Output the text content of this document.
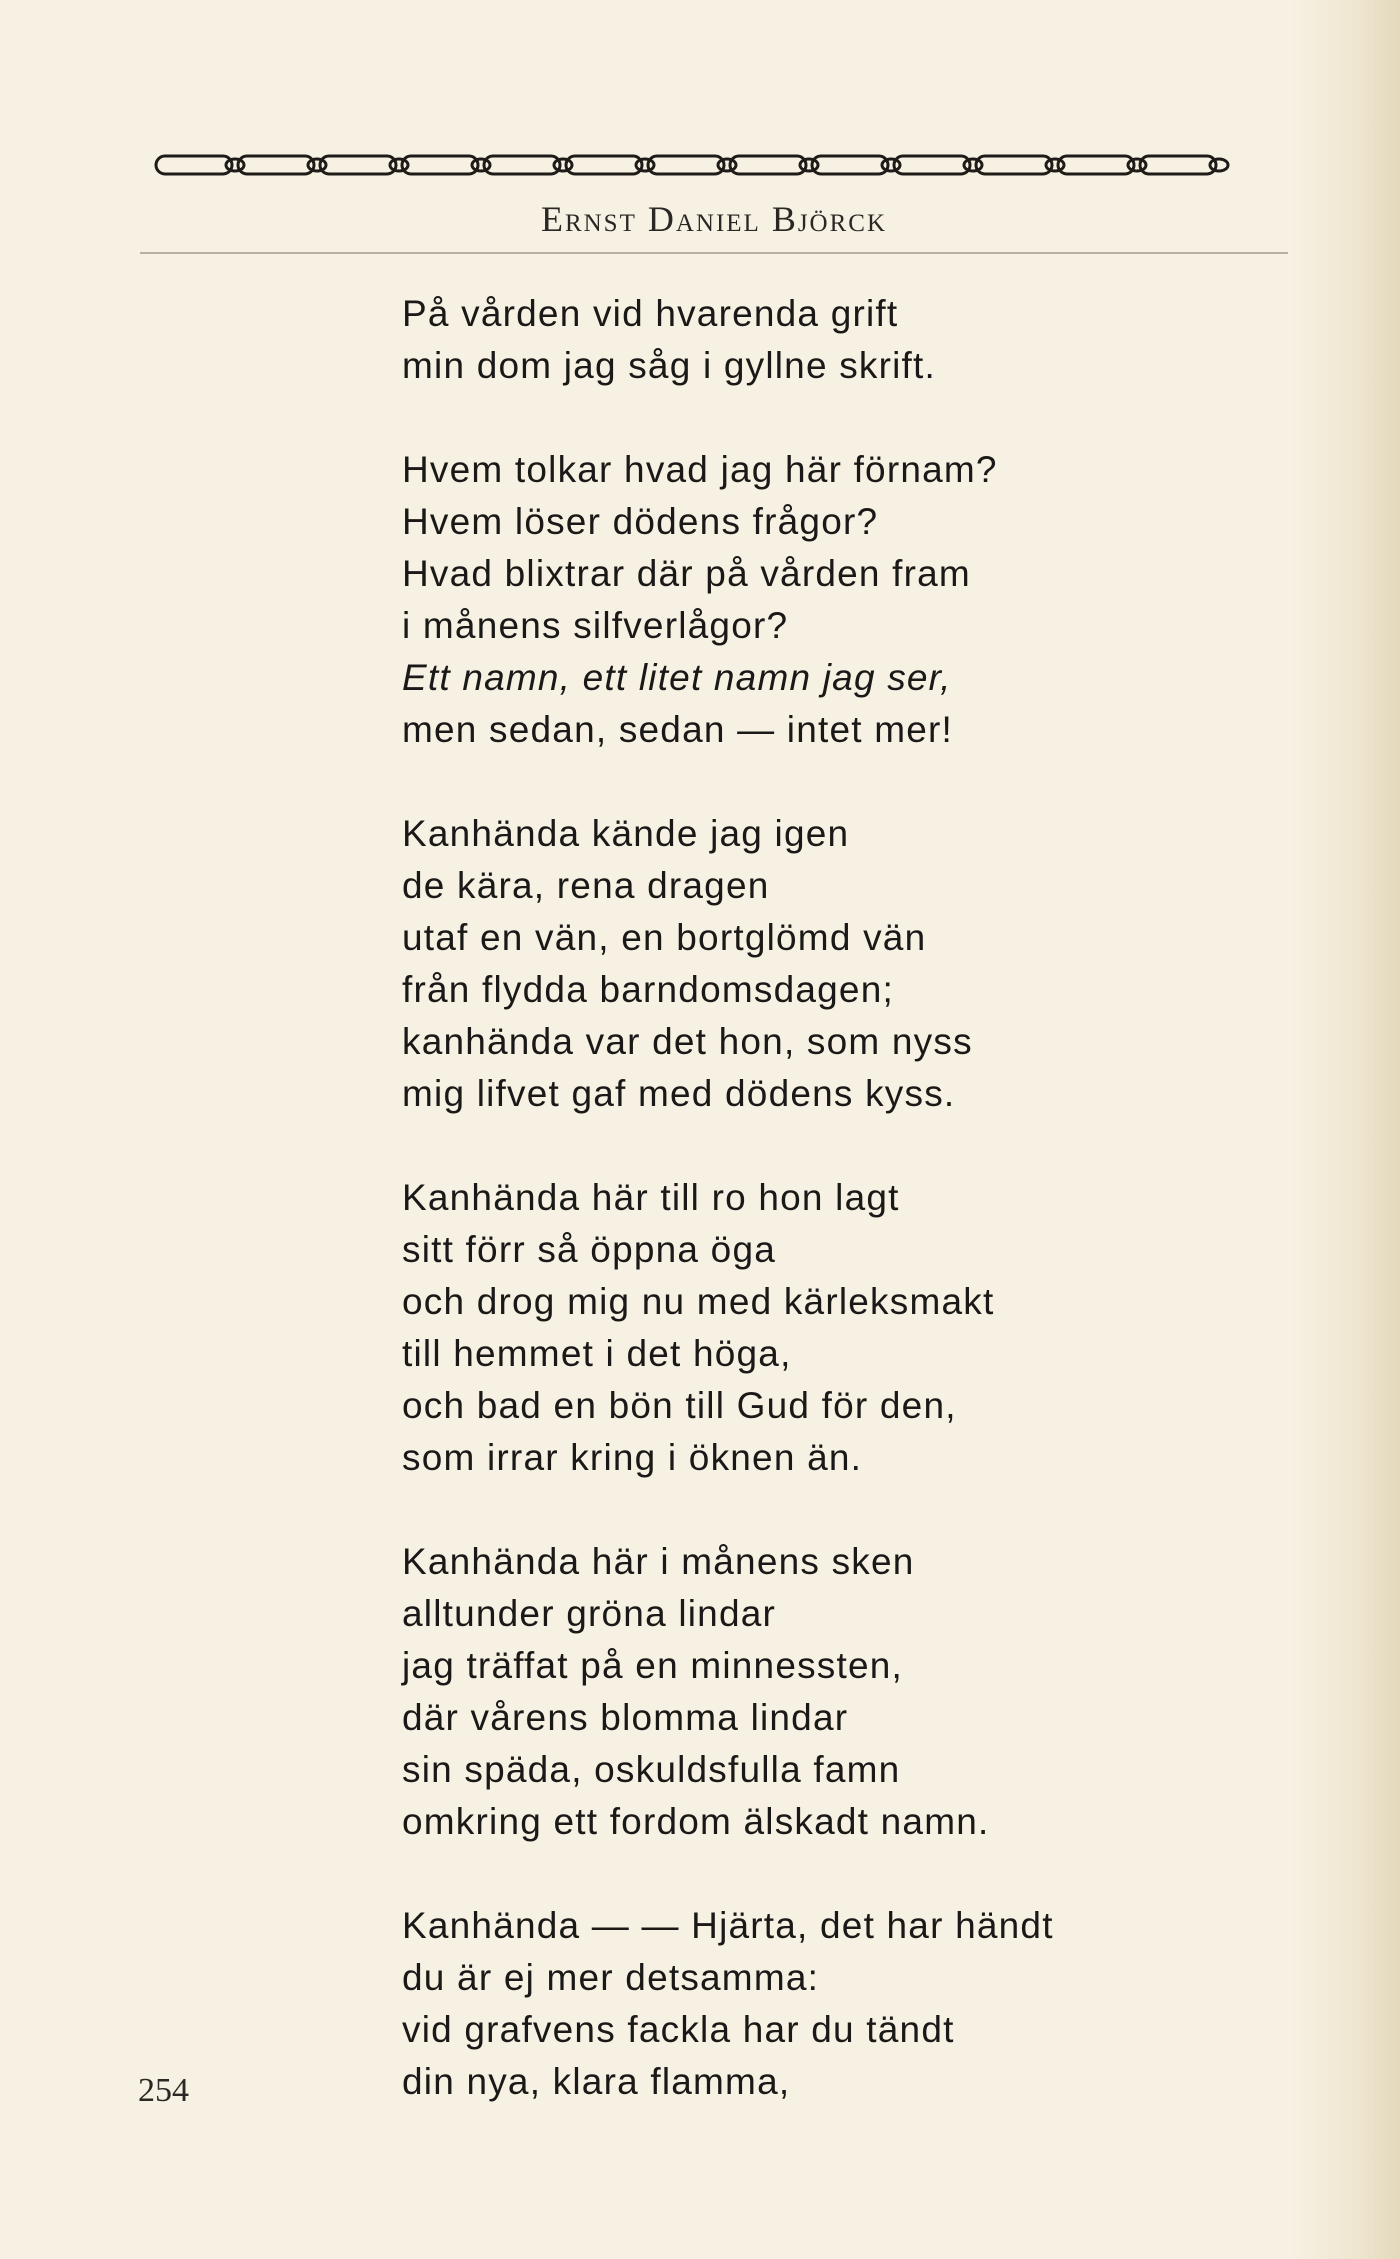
Ernst Daniel Björck
På vården vid hvarenda grift
min dom jag såg i gyllne skrift.
Hvem tolkar hvad jag här förnam?
Hvem löser dödens frågor?
Hvad blixtrar där på vården fram
i månens silfverlågor?
Ett namn, ett litet namn jag ser,
men sedan, sedan — intet mer!
Kanhända kände jag igen
de kära, rena dragen
utaf en vän, en bortglömd vän
från flydda barndomsdagen;
kanhända var det hon, som nyss
mig lifvet gaf med dödens kyss.
Kanhända här till ro hon lagt
sitt förr så öppna öga
och drog mig nu med kärleksmakt
till hemmet i det höga,
och bad en bön till Gud för den,
som irrar kring i öknen än.
Kanhända här i månens sken
alltunder gröna lindar
jag träffat på en minnessten,
där vårens blomma lindar
sin späda, oskuldsfulla famn
omkring ett fordom älskadt namn.
Kanhända — — Hjärta, det har händt
du är ej mer detsamma:
vid grafvens fackla har du tändt
din nya, klara flamma,
254
